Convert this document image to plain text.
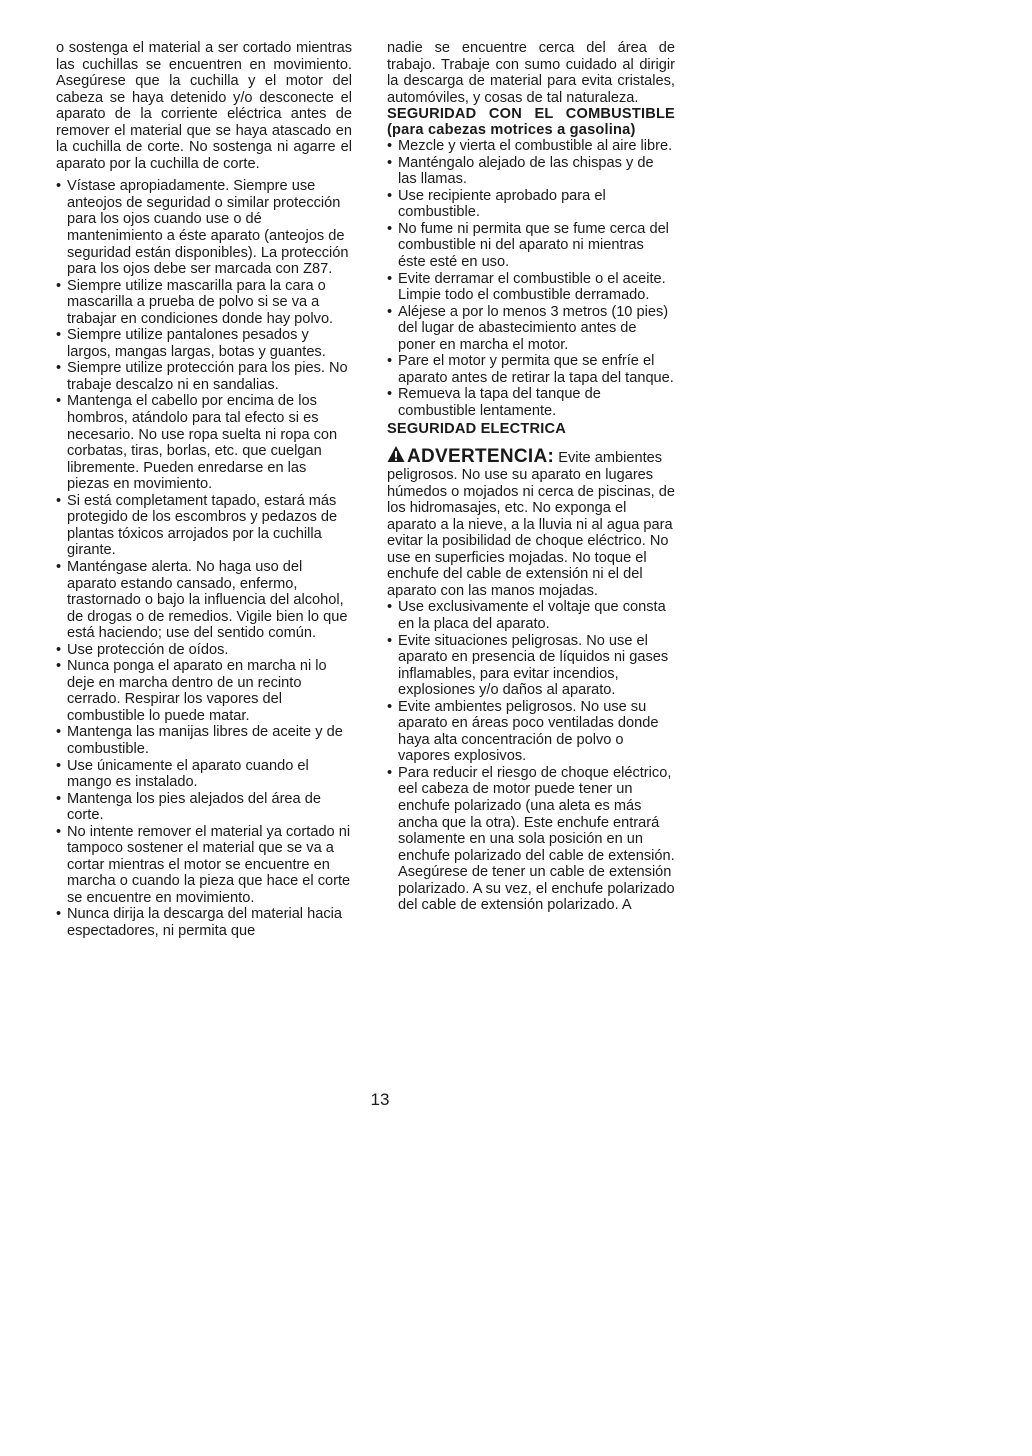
o sostenga el material a ser cortado mientras las cuchillas se encuentren en movimiento. Asegúrese que la cuchilla y el motor del cabeza se haya detenido y/o desconecte el aparato de la corriente eléctrica antes de remover el material que se haya atascado en la cuchilla de corte. No sostenga ni agarre el aparato por la cuchilla de corte.

• Vístase apropiadamente. Siempre use anteojos de seguridad o similar protección para los ojos cuando use o dé mantenimiento a éste aparato (anteojos de seguridad están disponibles). La protección para los ojos debe ser marcada con Z87.
• Siempre utilize mascarilla para la cara o mascarilla a prueba de polvo si se va a trabajar en condiciones donde hay polvo.
• Siempre utilize pantalones pesados y largos, mangas largas, botas y guantes.
• Siempre utilize protección para los pies. No trabaje descalzo ni en sandalias.
• Mantenga el cabello por encima de los hombros, atándolo para tal efecto si es necesario. No use ropa suelta ni ropa con corbatas, tiras, borlas, etc. que cuelgan libremente. Pueden enredarse en las piezas en movimiento.
• Si está completament tapado, estará más protegido de los escombros y pedazos de plantas tóxicos arrojados por la cuchilla girante.
• Manténgase alerta. No haga uso del aparato estando cansado, enfermo, trastornado o bajo la influencia del alcohol, de drogas o de remedios. Vigile bien lo que está haciendo; use del sentido común.
• Use protección de oídos.
• Nunca ponga el aparato en marcha ni lo deje en marcha dentro de un recinto cerrado. Respirar los vapores del combustible lo puede matar.
• Mantenga las manijas libres de aceite y de combustible.
• Use únicamente el aparato cuando el mango es instalado.
• Mantenga los pies alejados del área de corte.
• No intente remover el material ya cortado ni tampoco sostener el material que se va a cortar mientras el motor se encuentre en marcha o cuando la pieza que hace el corte se encuentre en movimiento.
• Nunca dirija la descarga del material hacia espectadores, ni permita que

nadie se encuentre cerca del área de trabajo. Trabaje con sumo cuidado al dirigir la descarga de material para evita cristales, automóviles, y cosas de tal naturaleza.

SEGURIDAD CON EL COMBUSTIBLE (para cabezas motrices a gasolina)
• Mezcle y vierta el combustible al aire libre.
• Manténgalo alejado de las chispas y de las llamas.
• Use recipiente aprobado para el combustible.
• No fume ni permita que se fume cerca del combustible ni del aparato ni mientras éste esté en uso.
• Evite derramar el combustible o el aceite. Limpie todo el combustible derramado.
• Aléjese a por lo menos 3 metros (10 pies) del lugar de abastecimiento antes de poner en marcha el motor.
• Pare el motor y permita que se enfríe el aparato antes de retirar la tapa del tanque.
• Remueva la tapa del tanque de combustible lentamente.
SEGURIDAD ELECTRICA
ADVERTENCIA: Evite ambientes peligrosos. No use su aparato en lugares húmedos o mojados ni cerca de piscinas, de los hidromasajes, etc. No exponga el aparato a la nieve, a la lluvia ni al agua para evitar la posibilidad de choque eléctrico. No use en superficies mojadas. No toque el enchufe del cable de extensión ni el del aparato con las manos mojadas.
• Use exclusivamente el voltaje que consta en la placa del aparato.
• Evite situaciones peligrosas. No use el aparato en presencia de líquidos ni gases inflamables, para evitar incendios, explosiones y/o daños al aparato.
• Evite ambientes peligrosos. No use su aparato en áreas poco ventiladas donde haya alta concentración de polvo o vapores explosivos.
• Para reducir el riesgo de choque eléctrico, eel cabeza de motor puede tener un enchufe polarizado (una aleta es más ancha que la otra). Este enchufe entrará solamente en una sola posición en un enchufe polarizado del cable de extensión. Asegúrese de tener un cable de extensión polarizado. A su vez, el enchufe polarizado del cable de extensión polarizado. A
13
